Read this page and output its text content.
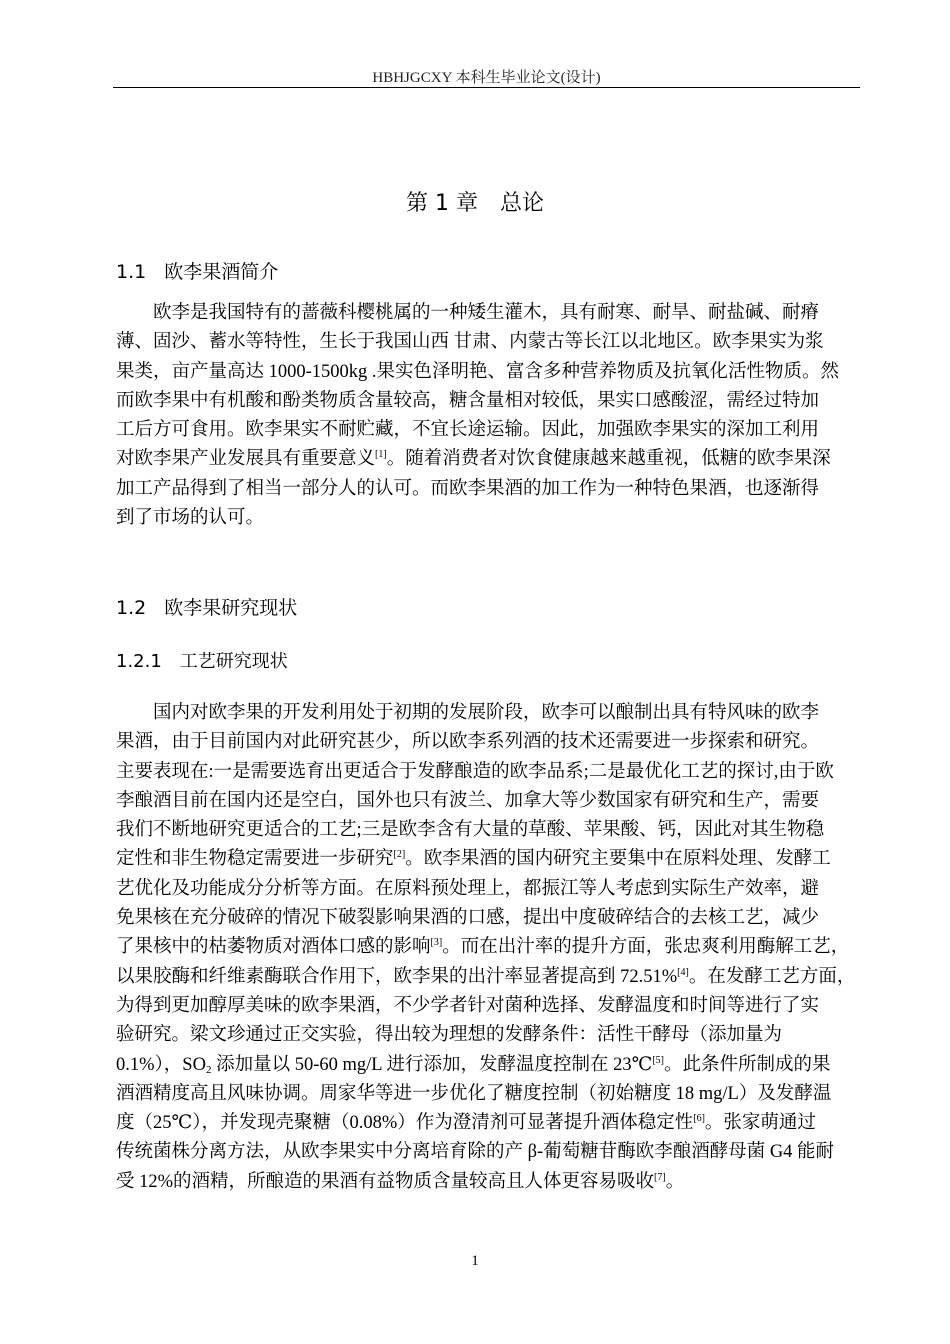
HBHJGCXY 本科生毕业论文(设计)
第 1 章　总论
1.1 欧李果酒简介
　　欧李是我国特有的蔷薇科樱桃属的一种矮生灌木，具有耐寒、耐旱、耐盐碱、耐瘠
薄、固沙、蓄水等特性，生长于我国山西 甘肃、内蒙古等长江以北地区。欧李果实为浆
果类，亩产量高达 1000-1500kg .果实色泽明艳、富含多种营养物质及抗氧化活性物质。然
而欧李果中有机酸和酚类物质含量较高，糖含量相对较低，果实口感酸涩，需经过特加
工后方可食用。欧李果实不耐贮藏，不宜长途运输。因此，加强欧李果实的深加工利用
对欧李果产业发展具有重要意义[1]。随着消费者对饮食健康越来越重视，低糖的欧李果深
加工产品得到了相当一部分人的认可。而欧李果酒的加工作为一种特色果酒，也逐渐得
到了市场的认可。
1.2 欧李果研究现状
1.2.1 工艺研究现状
　　国内对欧李果的开发利用处于初期的发展阶段，欧李可以酿制出具有特风味的欧李
果酒，由于目前国内对此研究甚少，所以欧李系列酒的技术还需要进一步探索和研究。
主要表现在:一是需要选育出更适合于发酵酿造的欧李品系;二是最优化工艺的探讨,由于欧
李酿酒目前在国内还是空白，国外也只有波兰、加拿大等少数国家有研究和生产，需要
我们不断地研究更适合的工艺;三是欧李含有大量的草酸、苹果酸、钙，因此对其生物稳
定性和非生物稳定需要进一步研究[2]。欧李果酒的国内研究主要集中在原料处理、发酵工
艺优化及功能成分分析等方面。在原料预处理上，都振江等人考虑到实际生产效率，避
免果核在充分破碎的情况下破裂影响果酒的口感，提出中度破碎结合的去核工艺，减少
了果核中的枯萎物质对酒体口感的影响[3]。而在出汁率的提升方面，张忠爽利用酶解工艺，
以果胶酶和纤维素酶联合作用下，欧李果的出汁率显著提高到 72.51%[4]。在发酵工艺方面，
为得到更加醇厚美味的欧李果酒，不少学者针对菌种选择、发酵温度和时间等进行了实
验研究。梁文珍通过正交实验，得出较为理想的发酵条件：活性干酵母（添加量为
0.1%），$SO_2$ 添加量以 50-60 mg/L 进行添加，发酵温度控制在 23℃[5]。此条件所制成的果
酒酒精度高且风味协调。周家华等进一步优化了糖度控制（初始糖度 18 mg/L）及发酵温
度（25℃），并发现壳聚糖（0.08%）作为澄清剂可显著提升酒体稳定性[6]。张家萌通过
传统菌株分离方法，从欧李果实中分离培育除的产 β-葡萄糖苷酶欧李酿酒酵母菌 G4 能耐
受 12%的酒精，所酿造的果酒有益物质含量较高且人体更容易吸收[7]。
1
